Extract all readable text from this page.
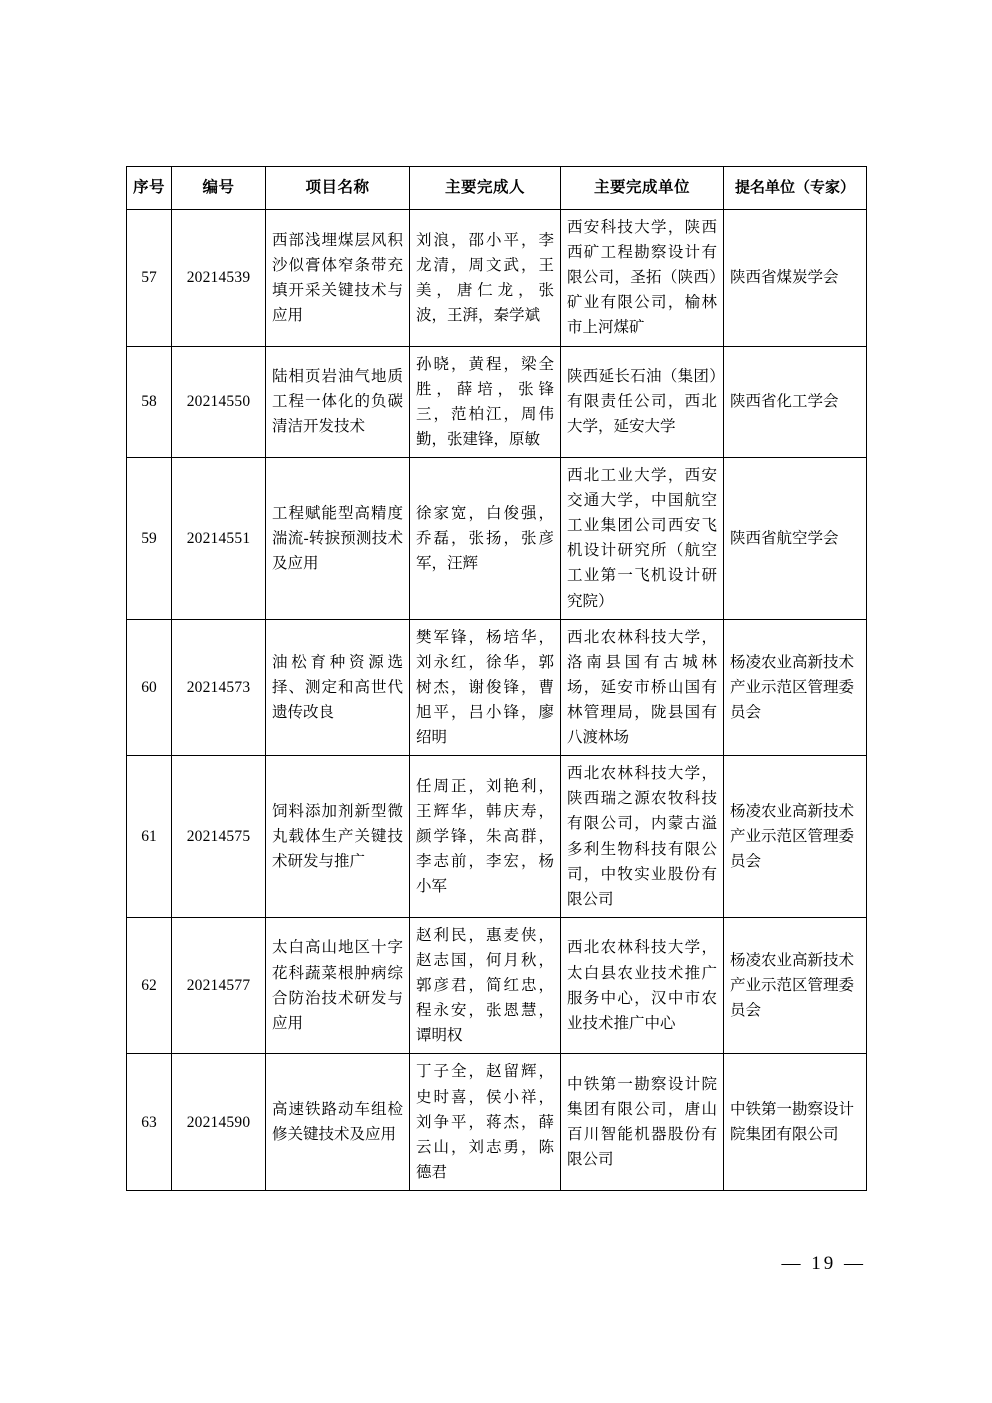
序号	编号	项目名称	主要完成人	主要完成单位	提名单位（专家）
57	20214539	西部浅埋煤层风积沙似膏体窄条带充填开采关键技术与应用	刘浪，邵小平，李龙清，周文武，王美，唐仁龙，张波，王湃，秦学斌	西安科技大学，陕西西矿工程勘察设计有限公司，圣拓（陕西）矿业有限公司，榆林市上河煤矿	陕西省煤炭学会
58	20214550	陆相页岩油气地质工程一体化的负碳清洁开发技术	孙晓，黄程，梁全胜，薛培，张锋三，范柏江，周伟勤，张建锋，原敏	陕西延长石油（集团）有限责任公司，西北大学，延安大学	陕西省化工学会
59	20214551	工程赋能型高精度湍流-转捩预测技术及应用	徐家宽，白俊强，乔磊，张扬，张彦军，汪辉	西北工业大学，西安交通大学，中国航空工业集团公司西安飞机设计研究所（航空工业第一飞机设计研究院）	陕西省航空学会
60	20214573	油松育种资源选择、测定和高世代遗传改良	樊军锋，杨培华，刘永红，徐华，郭树杰，谢俊锋，曹旭平，吕小锋，廖绍明	西北农林科技大学，洛南县国有古城林场，延安市桥山国有林管理局，陇县国有八渡林场	杨凌农业高新技术产业示范区管理委员会
61	20214575	饲料添加剂新型微丸载体生产关键技术研发与推广	任周正，刘艳利，王辉华，韩庆寿，颜学锋，朱高群，李志前，李宏，杨小军	西北农林科技大学，陕西瑞之源农牧科技有限公司，内蒙古溢多利生物科技有限公司，中牧实业股份有限公司	杨凌农业高新技术产业示范区管理委员会
62	20214577	太白高山地区十字花科蔬菜根肿病综合防治技术研发与应用	赵利民，惠麦侠，赵志国，何月秋，郭彦君，简红忠，程永安，张恩慧，谭明权	西北农林科技大学，太白县农业技术推广服务中心，汉中市农业技术推广中心	杨凌农业高新技术产业示范区管理委员会
63	20214590	高速铁路动车组检修关键技术及应用	丁子全，赵留辉，史时喜，侯小祥，刘争平，蒋杰，薛云山，刘志勇，陈德君	中铁第一勘察设计院集团有限公司，唐山百川智能机器股份有限公司	中铁第一勘察设计院集团有限公司
— 19 —
